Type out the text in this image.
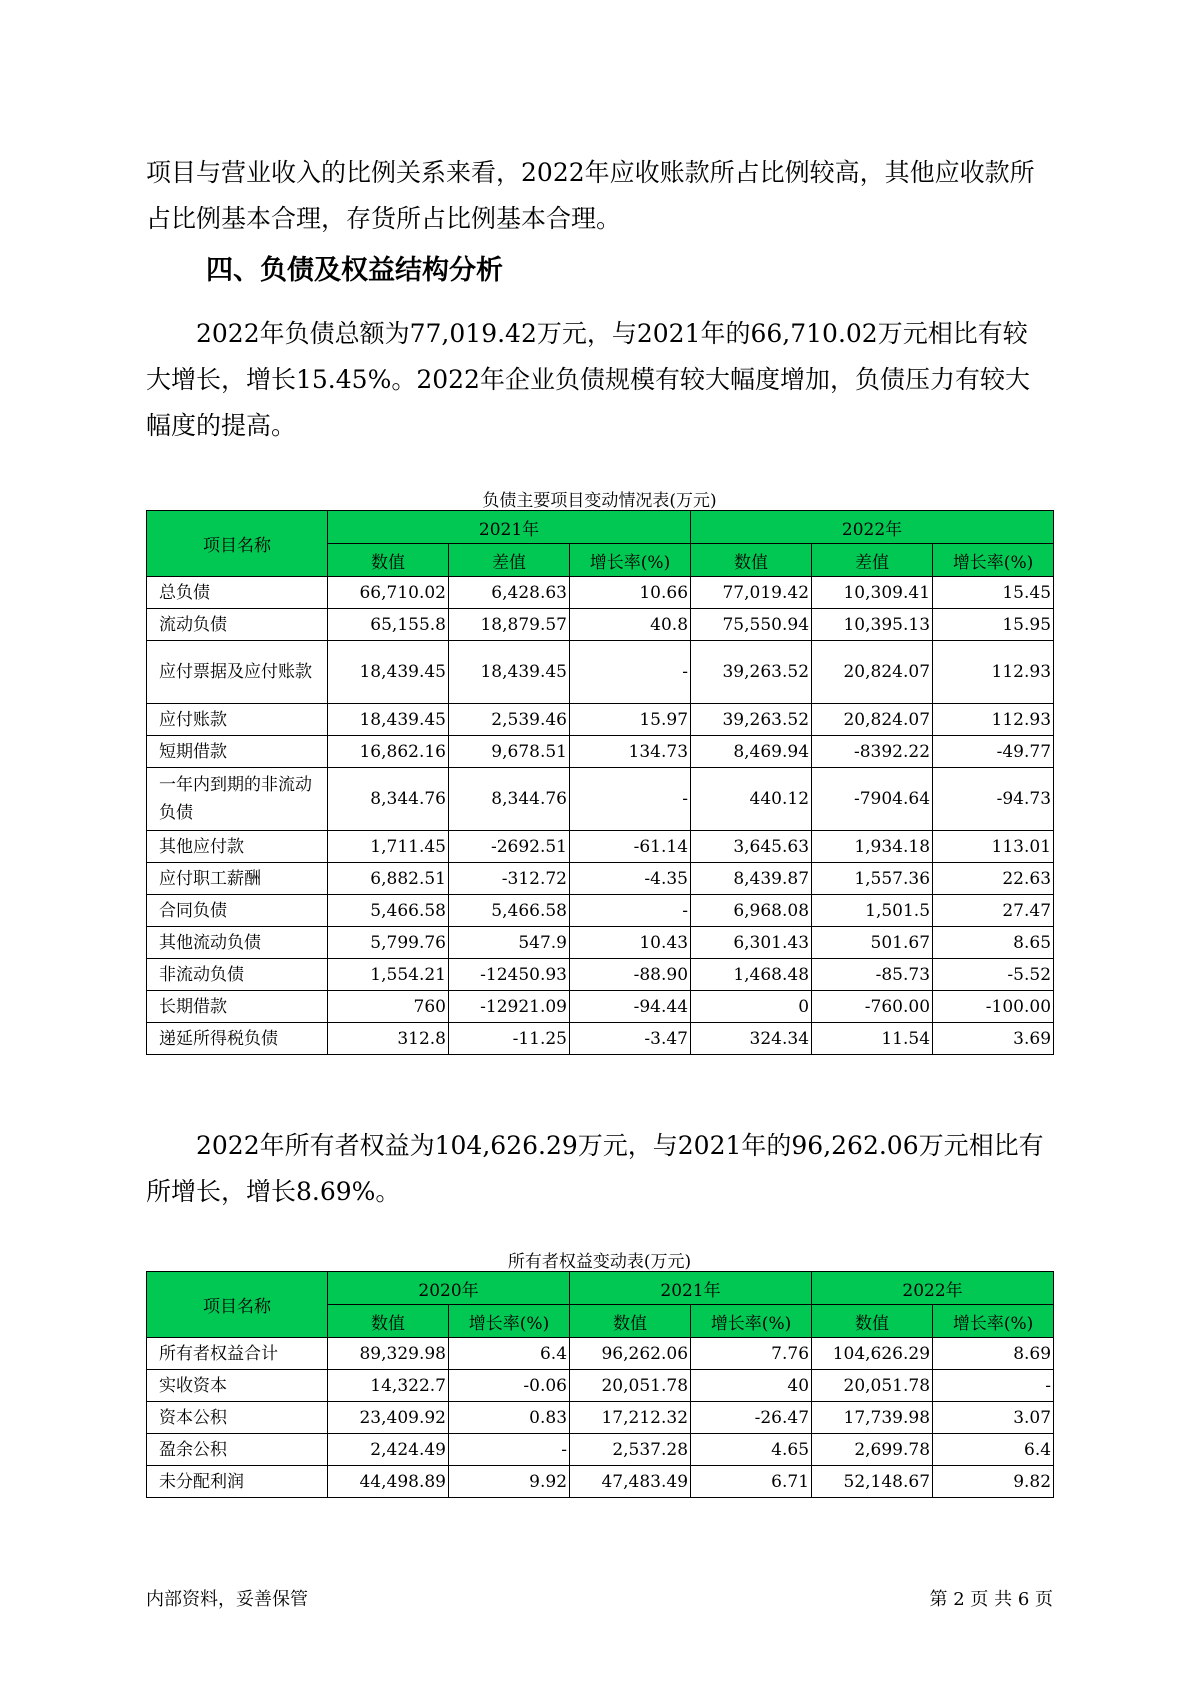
项目与营业收入的比例关系来看，2022年应收账款所占比例较高，其他应收款所占比例基本合理，存货所占比例基本合理。

四、负债及权益结构分析

2022年负债总额为77,019.42万元，与2021年的66,710.02万元相比有较大增长，增长15.45%。2022年企业负债规模有较大幅度增加，负债压力有较大幅度的提高。

负债主要项目变动情况表(万元)
项目名称	2021年			2022年		
	数值	差值	增长率(%)	数值	差值	增长率(%)
总负债	66,710.02	6,428.63	10.66	77,019.42	10,309.41	15.45
流动负债	65,155.8	18,879.57	40.8	75,550.94	10,395.13	15.95
应付票据及应付账款	18,439.45	18,439.45	-	39,263.52	20,824.07	112.93
应付账款	18,439.45	2,539.46	15.97	39,263.52	20,824.07	112.93
短期借款	16,862.16	9,678.51	134.73	8,469.94	-8392.22	-49.77
一年内到期的非流动负债	8,344.76	8,344.76	-	440.12	-7904.64	-94.73
其他应付款	1,711.45	-2692.51	-61.14	3,645.63	1,934.18	113.01
应付职工薪酬	6,882.51	-312.72	-4.35	8,439.87	1,557.36	22.63
合同负债	5,466.58	5,466.58	-	6,968.08	1,501.5	27.47
其他流动负债	5,799.76	547.9	10.43	6,301.43	501.67	8.65
非流动负债	1,554.21	-12450.93	-88.90	1,468.48	-85.73	-5.52
长期借款	760	-12921.09	-94.44	0	-760.00	-100.00
递延所得税负债	312.8	-11.25	-3.47	324.34	11.54	3.69

2022年所有者权益为104,626.29万元，与2021年的96,262.06万元相比有所增长，增长8.69%。

所有者权益变动表(万元)
项目名称	2020年		2021年		2022年	
	数值	增长率(%)	数值	增长率(%)	数值	增长率(%)
所有者权益合计	89,329.98	6.4	96,262.06	7.76	104,626.29	8.69
实收资本	14,322.7	-0.06	20,051.78	40	20,051.78	-
资本公积	23,409.92	0.83	17,212.32	-26.47	17,739.98	3.07
盈余公积	2,424.49	-	2,537.28	4.65	2,699.78	6.4
未分配利润	44,498.89	9.92	47,483.49	6.71	52,148.67	9.82
内部资料，妥善保管	第 2 页 共 6 页
